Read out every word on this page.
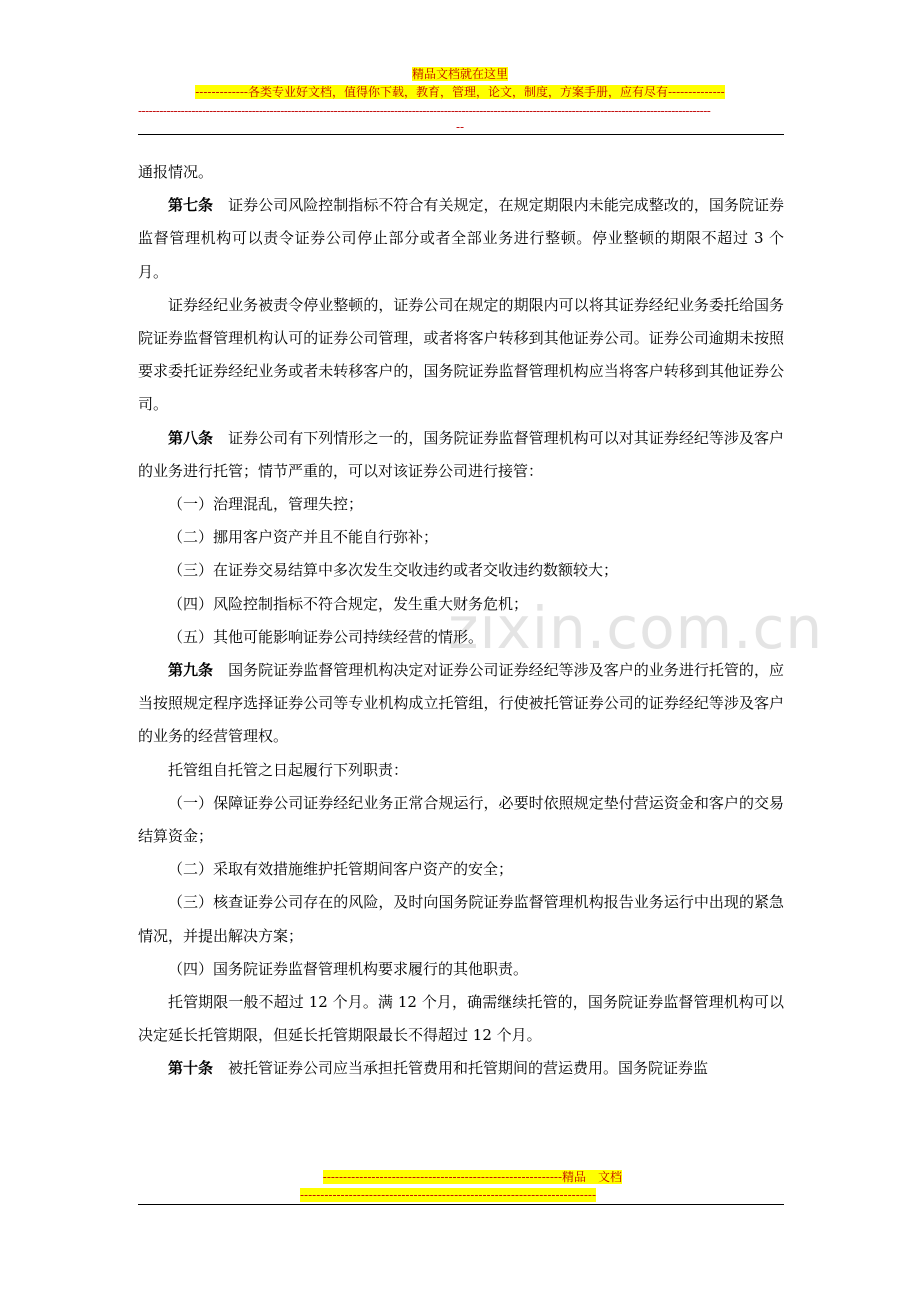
精品文档就在这里
-------------各类专业好文档，值得你下载，教育，管理，论文，制度，方案手册，应有尽有--------------
-----------------------------------------------------------------------------------------------------------------------------------------------------------------
--
zixin.com.cn

通报情况。

第七条　 证券公司风险控制指标不符合有关规定，在规定期限内未能完成整改的，国务院证券监督管理机构可以责令证券公司停止部分或者全部业务进行整顿。停业整顿的期限不超过 3 个月。

证券经纪业务被责令停业整顿的，证券公司在规定的期限内可以将其证券经纪业务委托给国务院证券监督管理机构认可的证券公司管理，或者将客户转移到其他证券公司。证券公司逾期未按照要求委托证券经纪业务或者未转移客户的，国务院证券监督管理机构应当将客户转移到其他证券公司。

第八条　 证券公司有下列情形之一的，国务院证券监督管理机构可以对其证券经纪等涉及客户的业务进行托管；情节严重的，可以对该证券公司进行接管：

（一）治理混乱，管理失控；

（二）挪用客户资产并且不能自行弥补；

（三）在证券交易结算中多次发生交收违约或者交收违约数额较大；

（四）风险控制指标不符合规定，发生重大财务危机；

（五）其他可能影响证券公司持续经营的情形。

第九条　 国务院证券监督管理机构决定对证券公司证券经纪等涉及客户的业务进行托管的，应当按照规定程序选择证券公司等专业机构成立托管组，行使被托管证券公司的证券经纪等涉及客户的业务的经营管理权。

托管组自托管之日起履行下列职责：

（一）保障证券公司证券经纪业务正常合规运行，必要时依照规定垫付营运资金和客户的交易结算资金；

（二）采取有效措施维护托管期间客户资产的安全；

（三）核查证券公司存在的风险，及时向国务院证券监督管理机构报告业务运行中出现的紧急情况，并提出解决方案；

（四）国务院证券监督管理机构要求履行的其他职责。

托管期限一般不超过 12 个月。满 12 个月，确需继续托管的，国务院证券监督管理机构可以决定延长托管期限，但延长托管期限最长不得超过 12 个月。

第十条　 被托管证券公司应当承担托管费用和托管期间的营运费用。国务院证券监

-----------------------------------------------------------精品　文档
-------------------------------------------------------------------------
